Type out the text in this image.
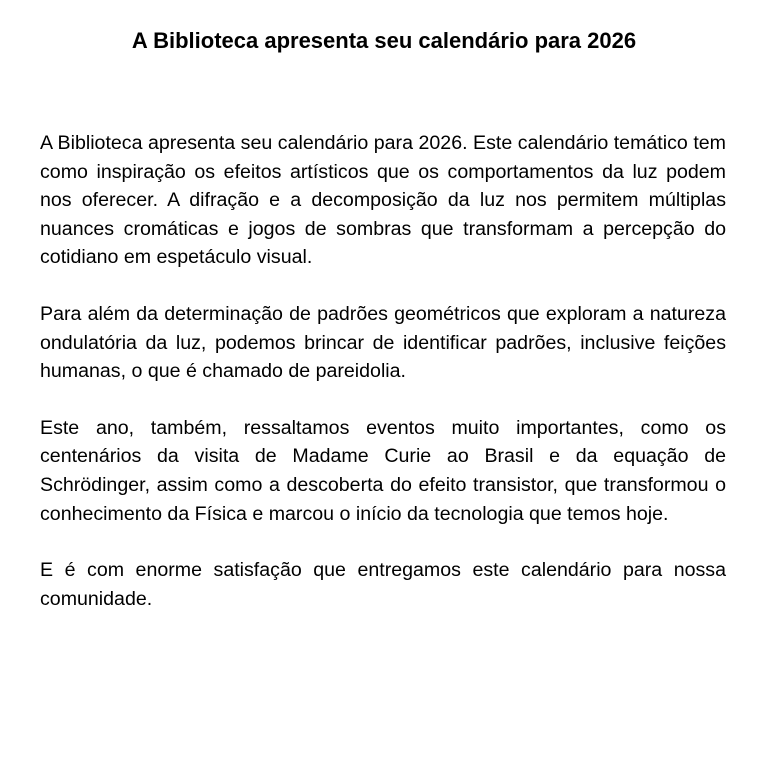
A Biblioteca apresenta seu calendário para 2026

A Biblioteca apresenta seu calendário para 2026. Este calendário temático tem como inspiração os efeitos artísticos que os comportamentos da luz podem nos oferecer. A difração e a decomposição da luz nos permitem múltiplas nuances cromáticas e jogos de sombras que transformam a percepção do cotidiano em espetáculo visual.

Para além da determinação de padrões geométricos que exploram a natureza ondulatória da luz, podemos brincar de identificar padrões, inclusive feições humanas, o que é chamado de pareidolia.

Este ano, também, ressaltamos eventos muito importantes, como os centenários da visita de Madame Curie ao Brasil e da equação de Schrödinger, assim como a descoberta do efeito transistor, que transformou o conhecimento da Física e marcou o início da tecnologia que temos hoje.

E é com enorme satisfação que entregamos este calendário para nossa comunidade.
